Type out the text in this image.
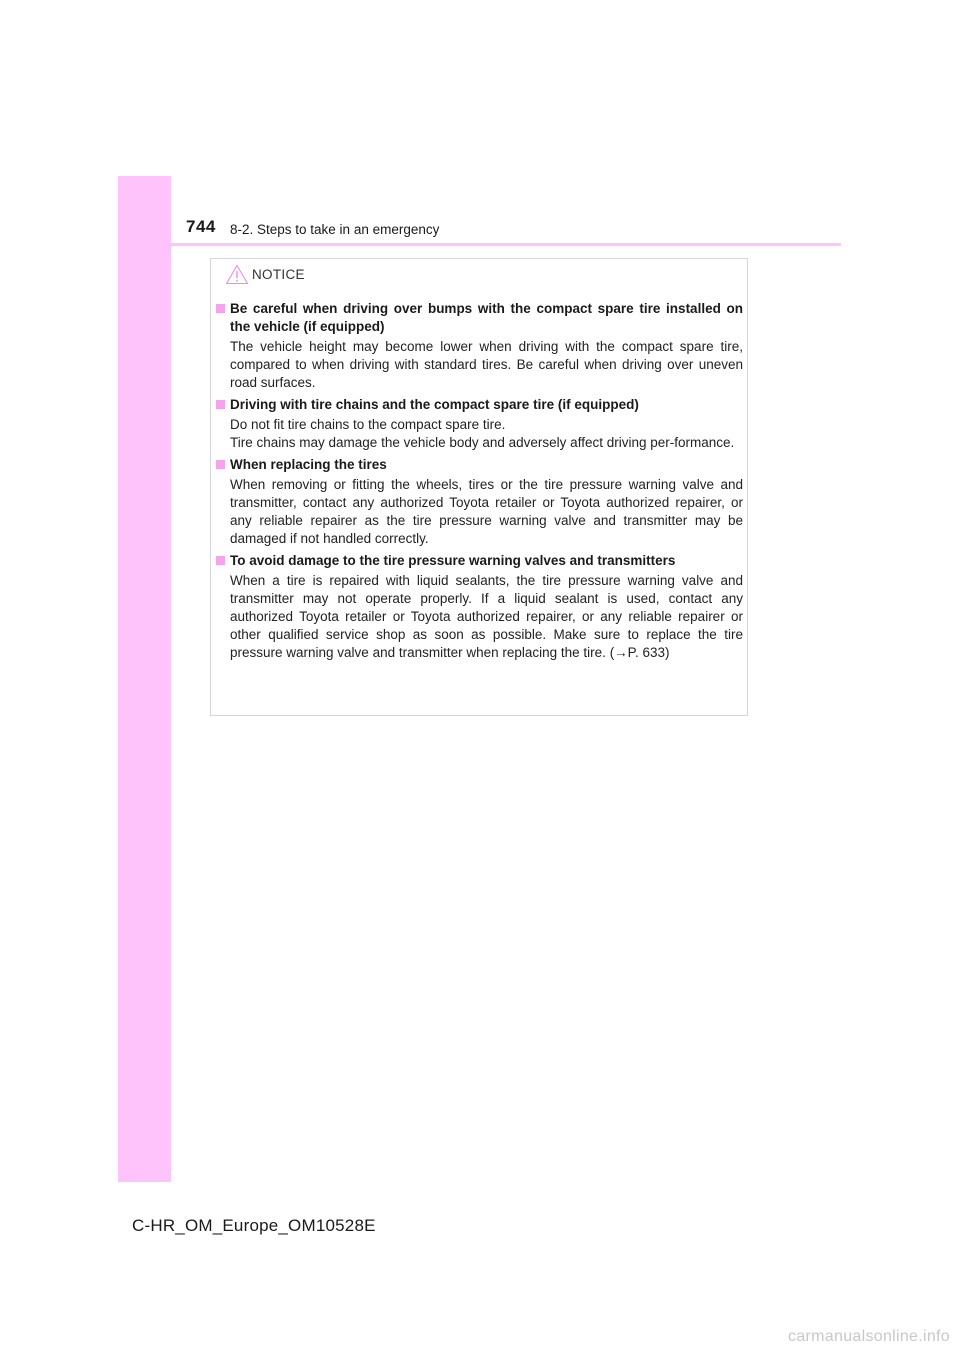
744 8-2. Steps to take in an emergency
NOTICE
Be careful when driving over bumps with the compact spare tire installed on the vehicle (if equipped)

The vehicle height may become lower when driving with the compact spare tire, compared to when driving with standard tires. Be careful when driving over uneven road surfaces.

Driving with tire chains and the compact spare tire (if equipped)

Do not fit tire chains to the compact spare tire.

Tire chains may damage the vehicle body and adversely affect driving per-formance.

When replacing the tires

When removing or fitting the wheels, tires or the tire pressure warning valve and transmitter, contact any authorized Toyota retailer or Toyota authorized repairer, or any reliable repairer as the tire pressure warning valve and transmitter may be damaged if not handled correctly.

To avoid damage to the tire pressure warning valves and transmitters

When a tire is repaired with liquid sealants, the tire pressure warning valve and transmitter may not operate properly. If a liquid sealant is used, contact any authorized Toyota retailer or Toyota authorized repairer, or any reliable repairer or other qualified service shop as soon as possible. Make sure to replace the tire pressure warning valve and transmitter when replacing the tire. (→P. 633)

C-HR_OM_Europe_OM10528E
carmanualsonline.info
